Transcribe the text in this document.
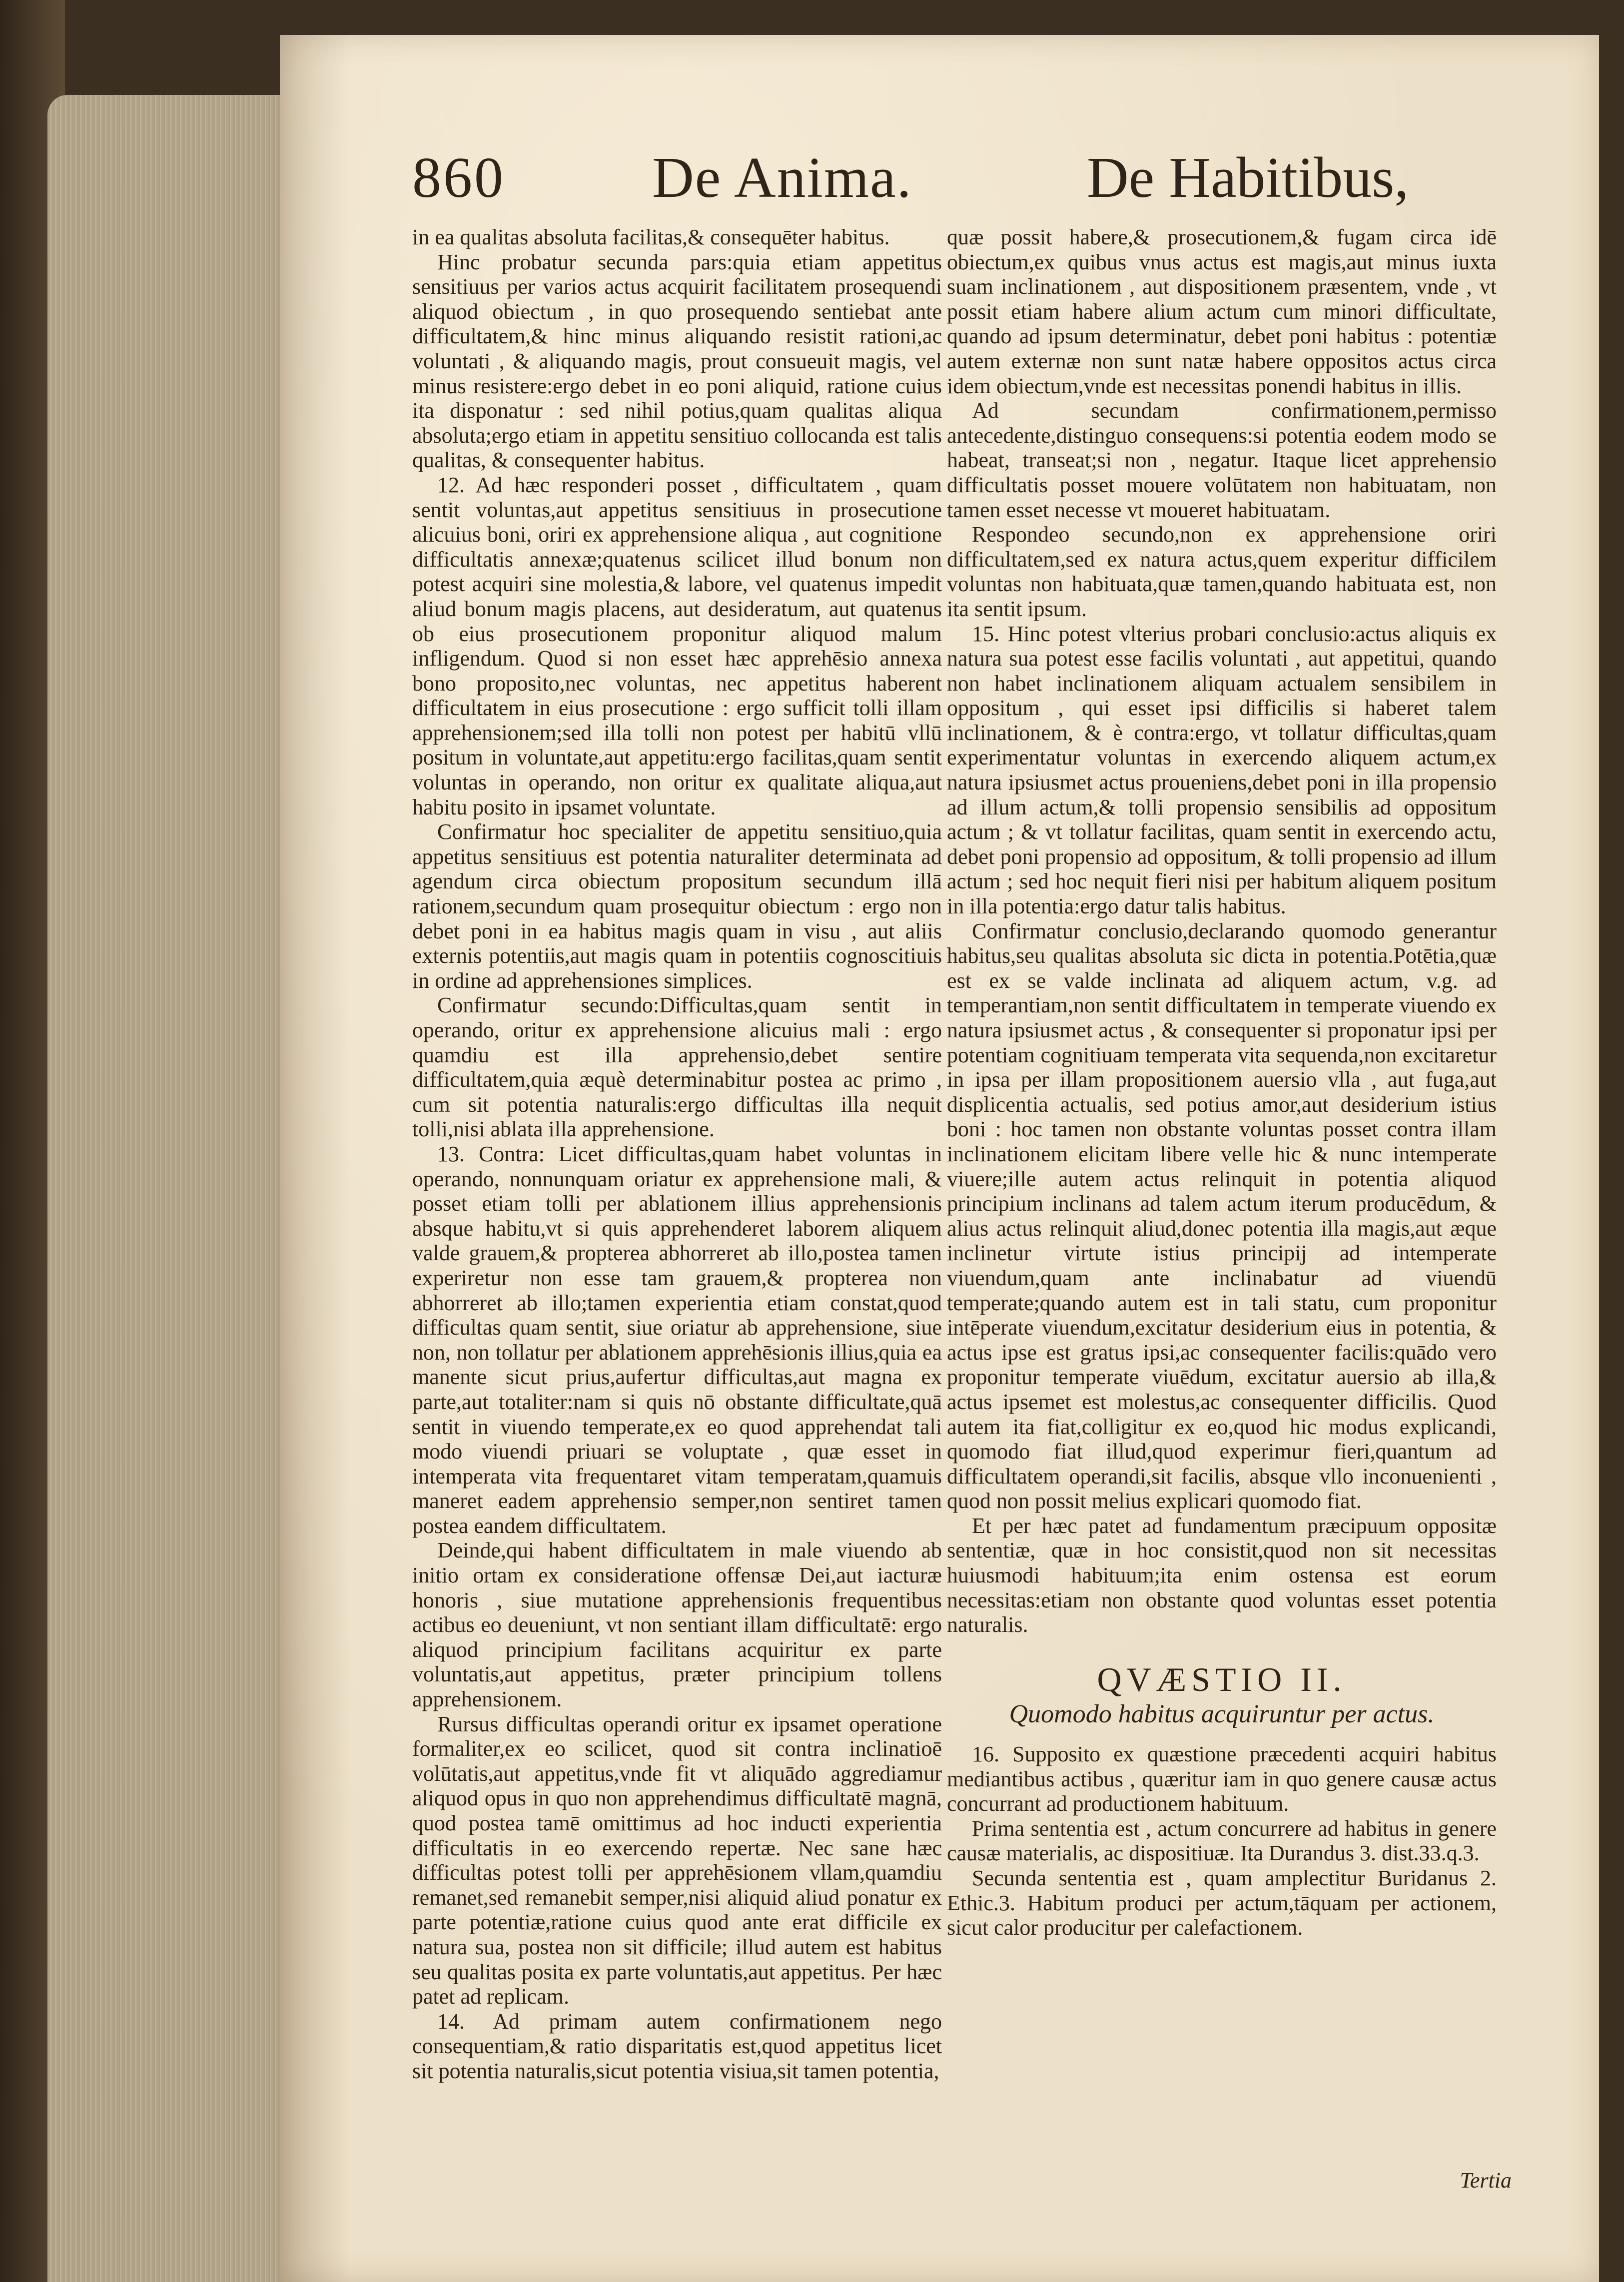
860	De Anima.	De Habitibus,

in ea qualitas absoluta facilitas,& consequēter habitus.

Hinc probatur secunda pars:quia etiam appetitus sensitiuus per varios actus acquirit facilitatem prosequendi aliquod obiectum , in quo prosequendo sentiebat ante difficultatem,& hinc minus aliquando resistit rationi,ac voluntati , & aliquando magis, prout consueuit magis, vel minus resistere:ergo debet in eo poni aliquid, ratione cuius ita disponatur : sed nihil potius,quam qualitas aliqua absoluta;ergo etiam in appetitu sensitiuo collocanda est talis qualitas, & consequenter habitus.

12. Ad hæc responderi posset , difficultatem , quam sentit voluntas,aut appetitus sensitiuus in prosecutione alicuius boni, oriri ex apprehensione aliqua , aut cognitione difficultatis annexæ;quatenus scilicet illud bonum non potest acquiri sine molestia,& labore, vel quatenus impedit aliud bonum magis placens, aut desideratum, aut quatenus ob eius prosecutionem proponitur aliquod malum infligendum. Quod si non esset hæc apprehēsio annexa bono proposito,nec voluntas, nec appetitus haberent difficultatem in eius prosecutione : ergo sufficit tolli illam apprehensionem;sed illa tolli non potest per habitū vllū positum in voluntate,aut appetitu:ergo facilitas,quam sentit voluntas in operando, non oritur ex qualitate aliqua,aut habitu posito in ipsamet voluntate.

Confirmatur hoc specialiter de appetitu sensitiuo,quia appetitus sensitiuus est potentia naturaliter determinata ad agendum circa obiectum propositum secundum illā rationem,secundum quam prosequitur obiectum : ergo non debet poni in ea habitus magis quam in visu , aut aliis externis potentiis,aut magis quam in potentiis cognoscitiuis in ordine ad apprehensiones simplices.

Confirmatur secundo:Difficultas,quam sentit in operando, oritur ex apprehensione alicuius mali : ergo quamdiu est illa apprehensio,debet sentire difficultatem,quia æquè determinabitur postea ac primo , cum sit potentia naturalis:ergo difficultas illa nequit tolli,nisi ablata illa apprehensione.

13. Contra: Licet difficultas,quam habet voluntas in operando, nonnunquam oriatur ex apprehensione mali, & posset etiam tolli per ablationem illius apprehensionis absque habitu,vt si quis apprehenderet laborem aliquem valde grauem,& propterea abhorreret ab illo,postea tamen experiretur non esse tam grauem,& propterea non abhorreret ab illo;tamen experientia etiam constat,quod difficultas quam sentit, siue oriatur ab apprehensione, siue non, non tollatur per ablationem apprehēsionis illius,quia ea manente sicut prius,aufertur difficultas,aut magna ex parte,aut totaliter:nam si quis nō obstante difficultate,quā sentit in viuendo temperate,ex eo quod apprehendat tali modo viuendi priuari se voluptate , quæ esset in intemperata vita frequentaret vitam temperatam,quamuis maneret eadem apprehensio semper,non sentiret tamen postea eandem difficultatem.

Deinde,qui habent difficultatem in male viuendo ab initio ortam ex consideratione offensæ Dei,aut iacturæ honoris , siue mutatione apprehensionis frequentibus actibus eo deueniunt, vt non sentiant illam difficultatē: ergo aliquod principium facilitans acquiritur ex parte voluntatis,aut appetitus, præter principium tollens apprehensionem.

Rursus difficultas operandi oritur ex ipsamet operatione formaliter,ex eo scilicet, quod sit contra inclinatioē volūtatis,aut appetitus,vnde fit vt aliquādo aggrediamur aliquod opus in quo non apprehendimus difficultatē magnā, quod postea tamē omittimus ad hoc inducti experientia difficultatis in eo exercendo repertæ. Nec sane hæc difficultas potest tolli per apprehēsionem vllam,quamdiu remanet,sed remanebit semper,nisi aliquid aliud ponatur ex parte potentiæ,ratione cuius quod ante erat difficile ex natura sua, postea non sit difficile; illud autem est habitus seu qualitas posita ex parte voluntatis,aut appetitus. Per hæc patet ad replicam.

14. Ad primam autem confirmationem nego consequentiam,& ratio disparitatis est,quod appetitus licet sit potentia naturalis,sicut potentia visiua,sit tamen potentia,

quæ possit habere,& prosecutionem,& fugam circa idē obiectum,ex quibus vnus actus est magis,aut minus iuxta suam inclinationem , aut dispositionem præsentem, vnde , vt possit etiam habere alium actum cum minori difficultate, quando ad ipsum determinatur, debet poni habitus : potentiæ autem externæ non sunt natæ habere oppositos actus circa idem obiectum,vnde est necessitas ponendi habitus in illis.

Ad secundam confirmationem,permisso antecedente,distinguo consequens:si potentia eodem modo se habeat, transeat;si non , negatur. Itaque licet apprehensio difficultatis posset mouere volūtatem non habituatam, non tamen esset necesse vt moueret habituatam.

Respondeo secundo,non ex apprehensione oriri difficultatem,sed ex natura actus,quem experitur difficilem voluntas non habituata,quæ tamen,quando habituata est, non ita sentit ipsum.

15. Hinc potest vlterius probari conclusio:actus aliquis ex natura sua potest esse facilis voluntati , aut appetitui, quando non habet inclinationem aliquam actualem sensibilem in oppositum , qui esset ipsi difficilis si haberet talem inclinationem, & è contra:ergo, vt tollatur difficultas,quam experimentatur voluntas in exercendo aliquem actum,ex natura ipsiusmet actus proueniens,debet poni in illa propensio ad illum actum,& tolli propensio sensibilis ad oppositum actum ; & vt tollatur facilitas, quam sentit in exercendo actu, debet poni propensio ad oppositum, & tolli propensio ad illum actum ; sed hoc nequit fieri nisi per habitum aliquem positum in illa potentia:ergo datur talis habitus.

Confirmatur conclusio,declarando quomodo generantur habitus,seu qualitas absoluta sic dicta in potentia.Potētia,quæ est ex se valde inclinata ad aliquem actum, v.g. ad temperantiam,non sentit difficultatem in temperate viuendo ex natura ipsiusmet actus , & consequenter si proponatur ipsi per potentiam cognitiuam temperata vita sequenda,non excitaretur in ipsa per illam propositionem auersio vlla , aut fuga,aut displicentia actualis, sed potius amor,aut desiderium istius boni : hoc tamen non obstante voluntas posset contra illam inclinationem elicitam libere velle hic & nunc intemperate viuere;ille autem actus relinquit in potentia aliquod principium inclinans ad talem actum iterum producēdum, & alius actus relinquit aliud,donec potentia illa magis,aut æque inclinetur virtute istius principij ad intemperate viuendum,quam ante inclinabatur ad viuendū temperate;quando autem est in tali statu, cum proponitur intēperate viuendum,excitatur desiderium eius in potentia, & actus ipse est gratus ipsi,ac consequenter facilis:quādo vero proponitur temperate viuēdum, excitatur auersio ab illa,& actus ipsemet est molestus,ac consequenter difficilis. Quod autem ita fiat,colligitur ex eo,quod hic modus explicandi, quomodo fiat illud,quod experimur fieri,quantum ad difficultatem operandi,sit facilis, absque vllo inconuenienti , quod non possit melius explicari quomodo fiat.

Et per hæc patet ad fundamentum præcipuum oppositæ sententiæ, quæ in hoc consistit,quod non sit necessitas huiusmodi habituum;ita enim ostensa est eorum necessitas:etiam non obstante quod voluntas esset potentia naturalis.

QVÆSTIO II.

Quomodo habitus acquiruntur per actus.

16. Supposito ex quæstione præcedenti acquiri habitus mediantibus actibus , quæritur iam in quo genere causæ actus concurrant ad productionem habituum.

Prima sententia est , actum concurrere ad habitus in genere causæ materialis, ac dispositiuæ. Ita Durandus 3. dist.33.q.3.

Secunda sententia est , quam amplectitur Buridanus 2. Ethic.3. Habitum produci per actum,tāquam per actionem, sicut calor producitur per calefactionem.

Tertia
